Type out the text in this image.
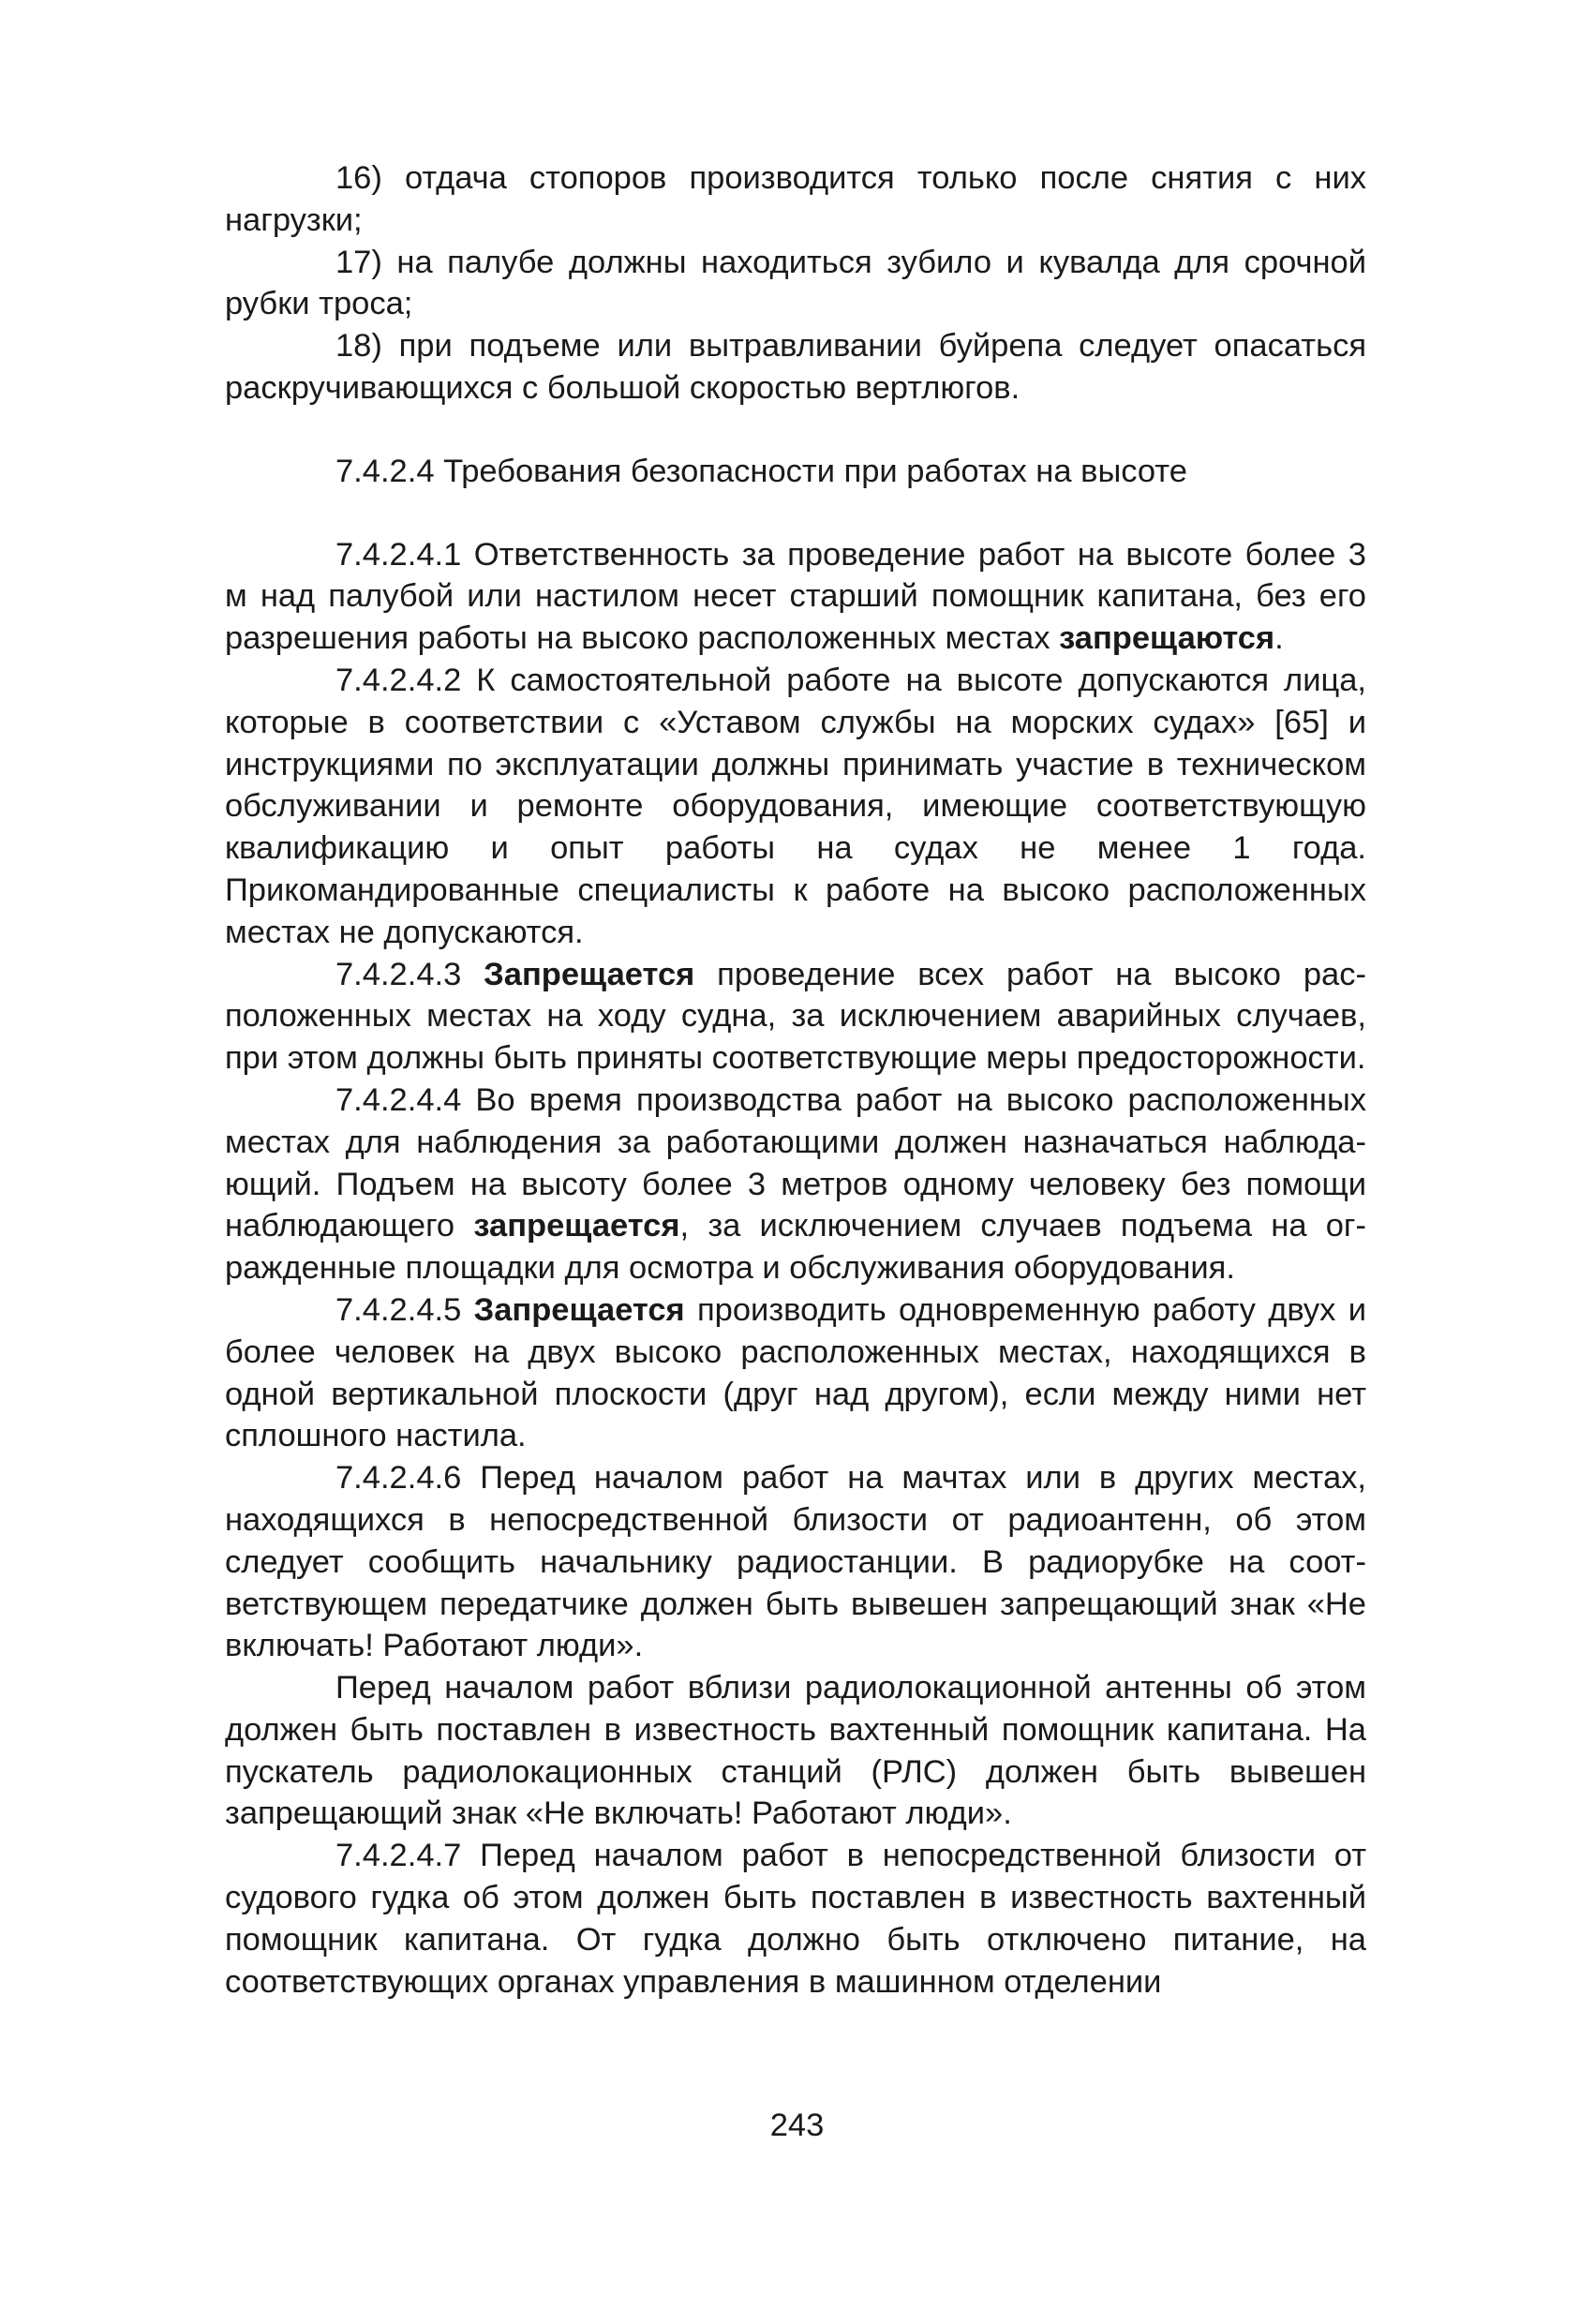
16) отдача стопоров производится только после снятия с них нагрузки;

17) на палубе должны находиться зубило и кувалда для срочной рубки троса;

18) при подъеме или вытравливании буйрепа следует опасаться раскручивающихся с большой скоростью вертлюгов.

7.4.2.4 Требования безопасности при работах на высоте

7.4.2.4.1 Ответственность за проведение работ на высоте более 3 м над палубой или настилом несет старший помощник капитана, без его разрешения работы на высоко расположенных местах запрещаются.

7.4.2.4.2 К самостоятельной работе на высоте допускаются лица, которые в соответствии с «Уставом службы на морских судах» [65] и инструкциями по эксплуатации должны принимать участие в техническом обслуживании и ремонте оборудования, имеющие соответствующую квалификацию и опыт работы на судах не менее 1 года. Прикомандированные специалисты к работе на высоко расположенных местах не допускаются.

7.4.2.4.3 Запрещается проведение всех работ на высоко расположенных местах на ходу судна, за исключением аварийных случаев, при этом должны быть приняты соответствующие меры предосторожности.

7.4.2.4.4 Во время производства работ на высоко расположенных местах для наблюдения за работающими должен назначаться наблюдающий. Подъем на высоту более 3 метров одному человеку без помощи наблюдающего запрещается, за исключением случаев подъема на огражденные площадки для осмотра и обслуживания оборудования.

7.4.2.4.5 Запрещается производить одновременную работу двух и более человек на двух высоко расположенных местах, находящихся в одной вертикальной плоскости (друг над другом), если между ними нет сплошного настила.

7.4.2.4.6 Перед началом работ на мачтах или в других местах, находящихся в непосредственной близости от радиоантенн, об этом следует сообщить начальнику радиостанции. В радиорубке на соответствующем передатчике должен быть вывешен запрещающий знак «Не включать! Работают люди».

Перед началом работ вблизи радиолокационной антенны об этом должен быть поставлен в известность вахтенный помощник капитана. На пускатель радиолокационных станций (РЛС) должен быть вывешен запрещающий знак «Не включать! Работают люди».

7.4.2.4.7 Перед началом работ в непосредственной близости от судового гудка об этом должен быть поставлен в известность вахтенный помощник капитана. От гудка должно быть отключено питание, на соответствующих органах управления в машинном отделении

243
